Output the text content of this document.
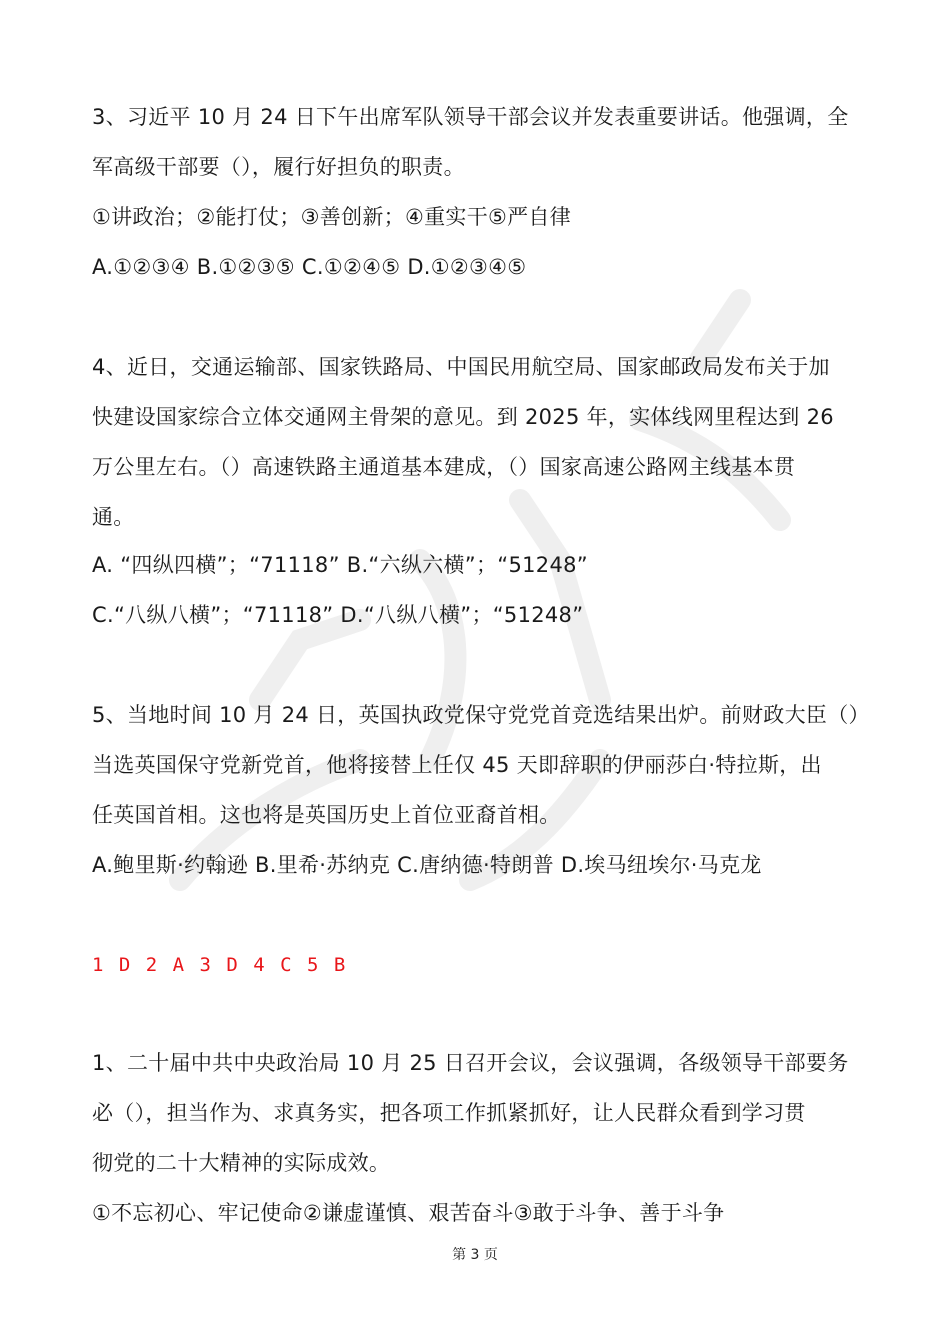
3、习近平 10 月 24 日下午出席军队领导干部会议并发表重要讲话。他强调，全
军高级干部要（），履行好担负的职责。
①讲政治；②能打仗；③善创新；④重实干⑤严自律
A.①②③④ B.①②③⑤ C.①②④⑤ D.①②③④⑤
4、近日，交通运输部、国家铁路局、中国民用航空局、国家邮政局发布关于加
快建设国家综合立体交通网主骨架的意见。到 2025 年，实体线网里程达到 26
万公里左右。（）高速铁路主通道基本建成，（）国家高速公路网主线基本贯
通。
A. “四纵四横”；“71118” B.“六纵六横”；“51248”
C.“八纵八横”；“71118” D.“八纵八横”；“51248”
5、当地时间 10 月 24 日，英国执政党保守党党首竞选结果出炉。前财政大臣（）
当选英国保守党新党首，他将接替上任仅 45 天即辞职的伊丽莎白·特拉斯，出
任英国首相。这也将是英国历史上首位亚裔首相。
A.鲍里斯·约翰逊 B.里希·苏纳克 C.唐纳德·特朗普 D.埃马纽埃尔·马克龙
1 D 2 A 3 D 4 C 5 B
1、二十届中共中央政治局 10 月 25 日召开会议，会议强调，各级领导干部要务
必（），担当作为、求真务实，把各项工作抓紧抓好，让人民群众看到学习贯
彻党的二十大精神的实际成效。
①不忘初心、牢记使命②谦虚谨慎、艰苦奋斗③敢于斗争、善于斗争
第 3 页
